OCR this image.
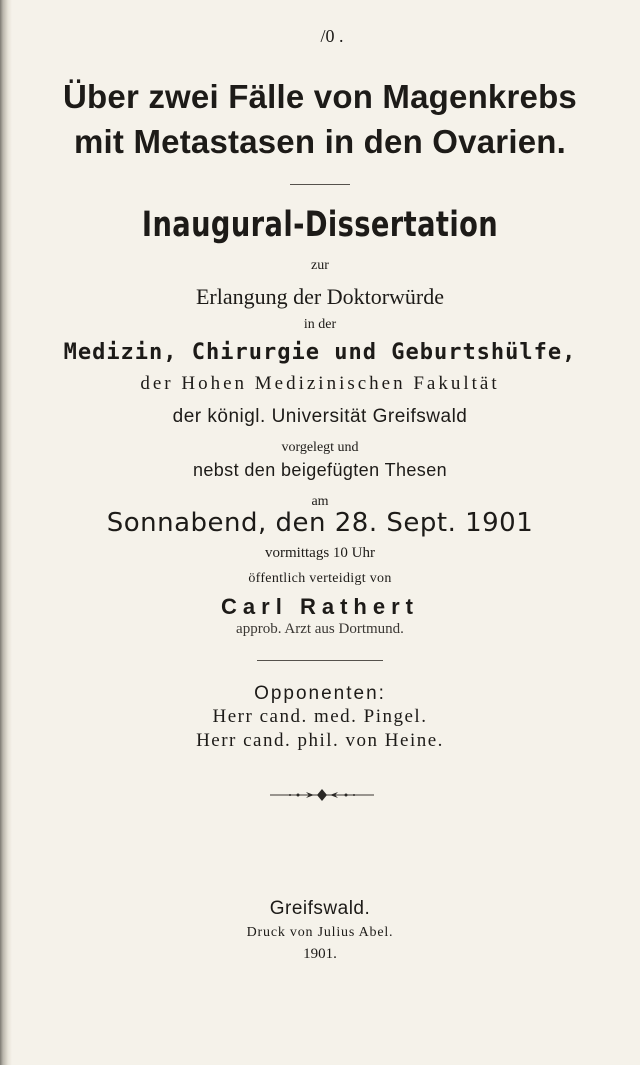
/0 .
Über zwei Fälle von Magenkrebs
mit Metastasen in den Ovarien.
Inaugural-Dissertation
zur
Erlangung der Doktorwürde
in der
Medizin, Chirurgie und Geburtshülfe,
der Hohen Medizinischen Fakultät
der königl. Universität Greifswald
vorgelegt und
nebst den beigefügten Thesen
am
Sonnabend, den 28. Sept. 1901
vormittags 10 Uhr
öffentlich verteidigt von
Carl Rathert
approb. Arzt aus Dortmund.
Opponenten:
Herr cand. med. Pingel.
Herr cand. phil. von Heine.
Greifswald.
Druck von Julius Abel.
1901.
